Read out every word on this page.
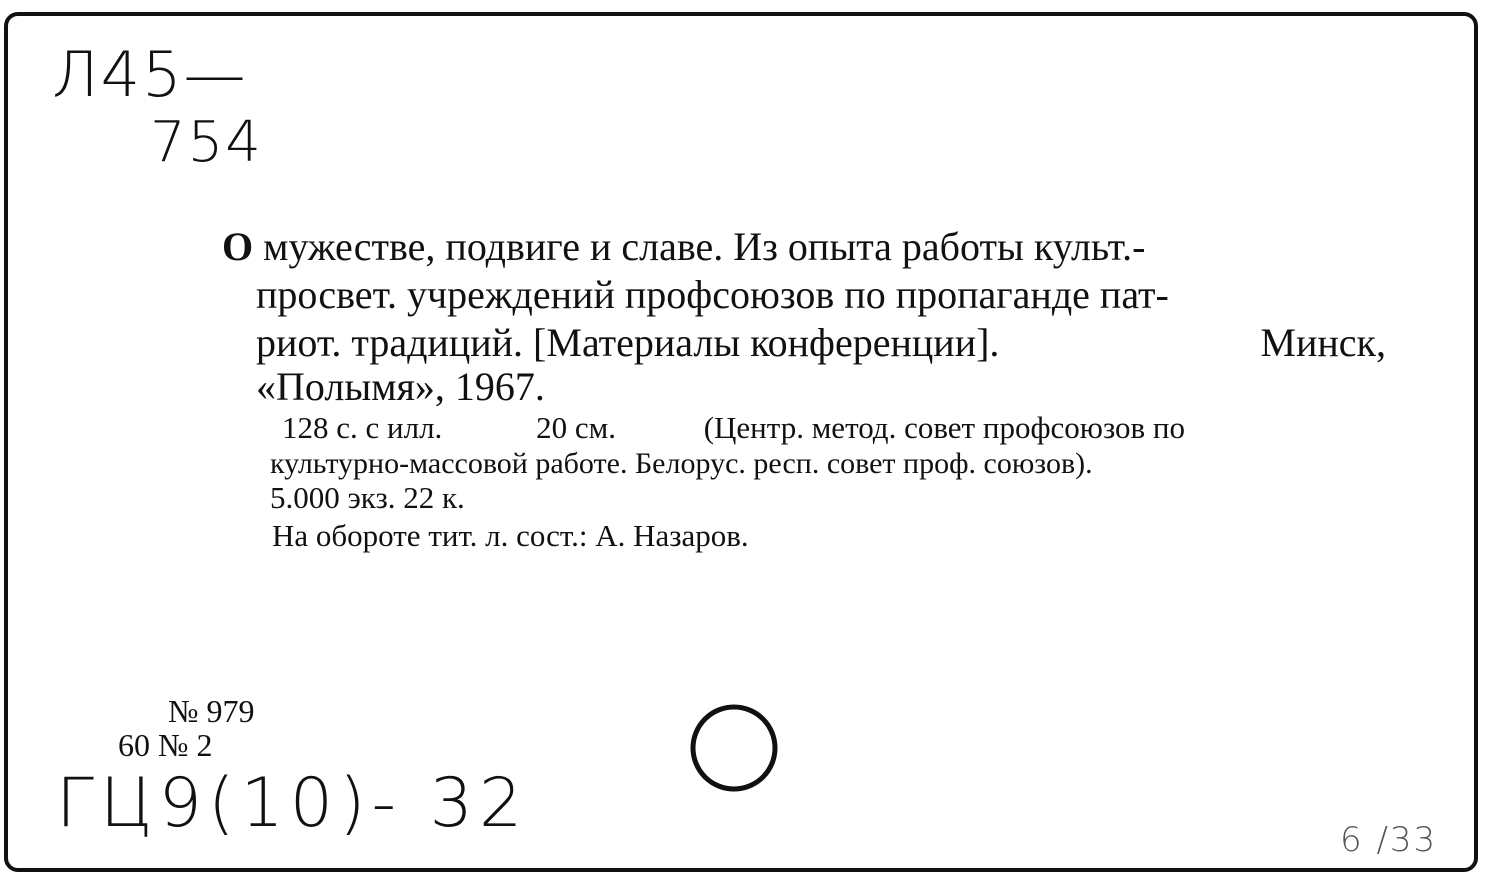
Л45—
754
О мужестве, подвиге и славе. Из опыта работы культ.-
просвет. учреждений профсоюзов по пропаганде пат-
риот. традиций. [Материалы конференции].	Минск,
«Полымя», 1967.
128 с. с илл.	20 см.	(Центр. метод. совет профсоюзов по
культурно-массовой работе. Белорус. респ. совет проф. союзов).
5.000 экз. 22 к.
На обороте тит. л. сост.: А. Назаров.
№ 979
60 № 2
ГЦ9(10)- 32	6 /33
